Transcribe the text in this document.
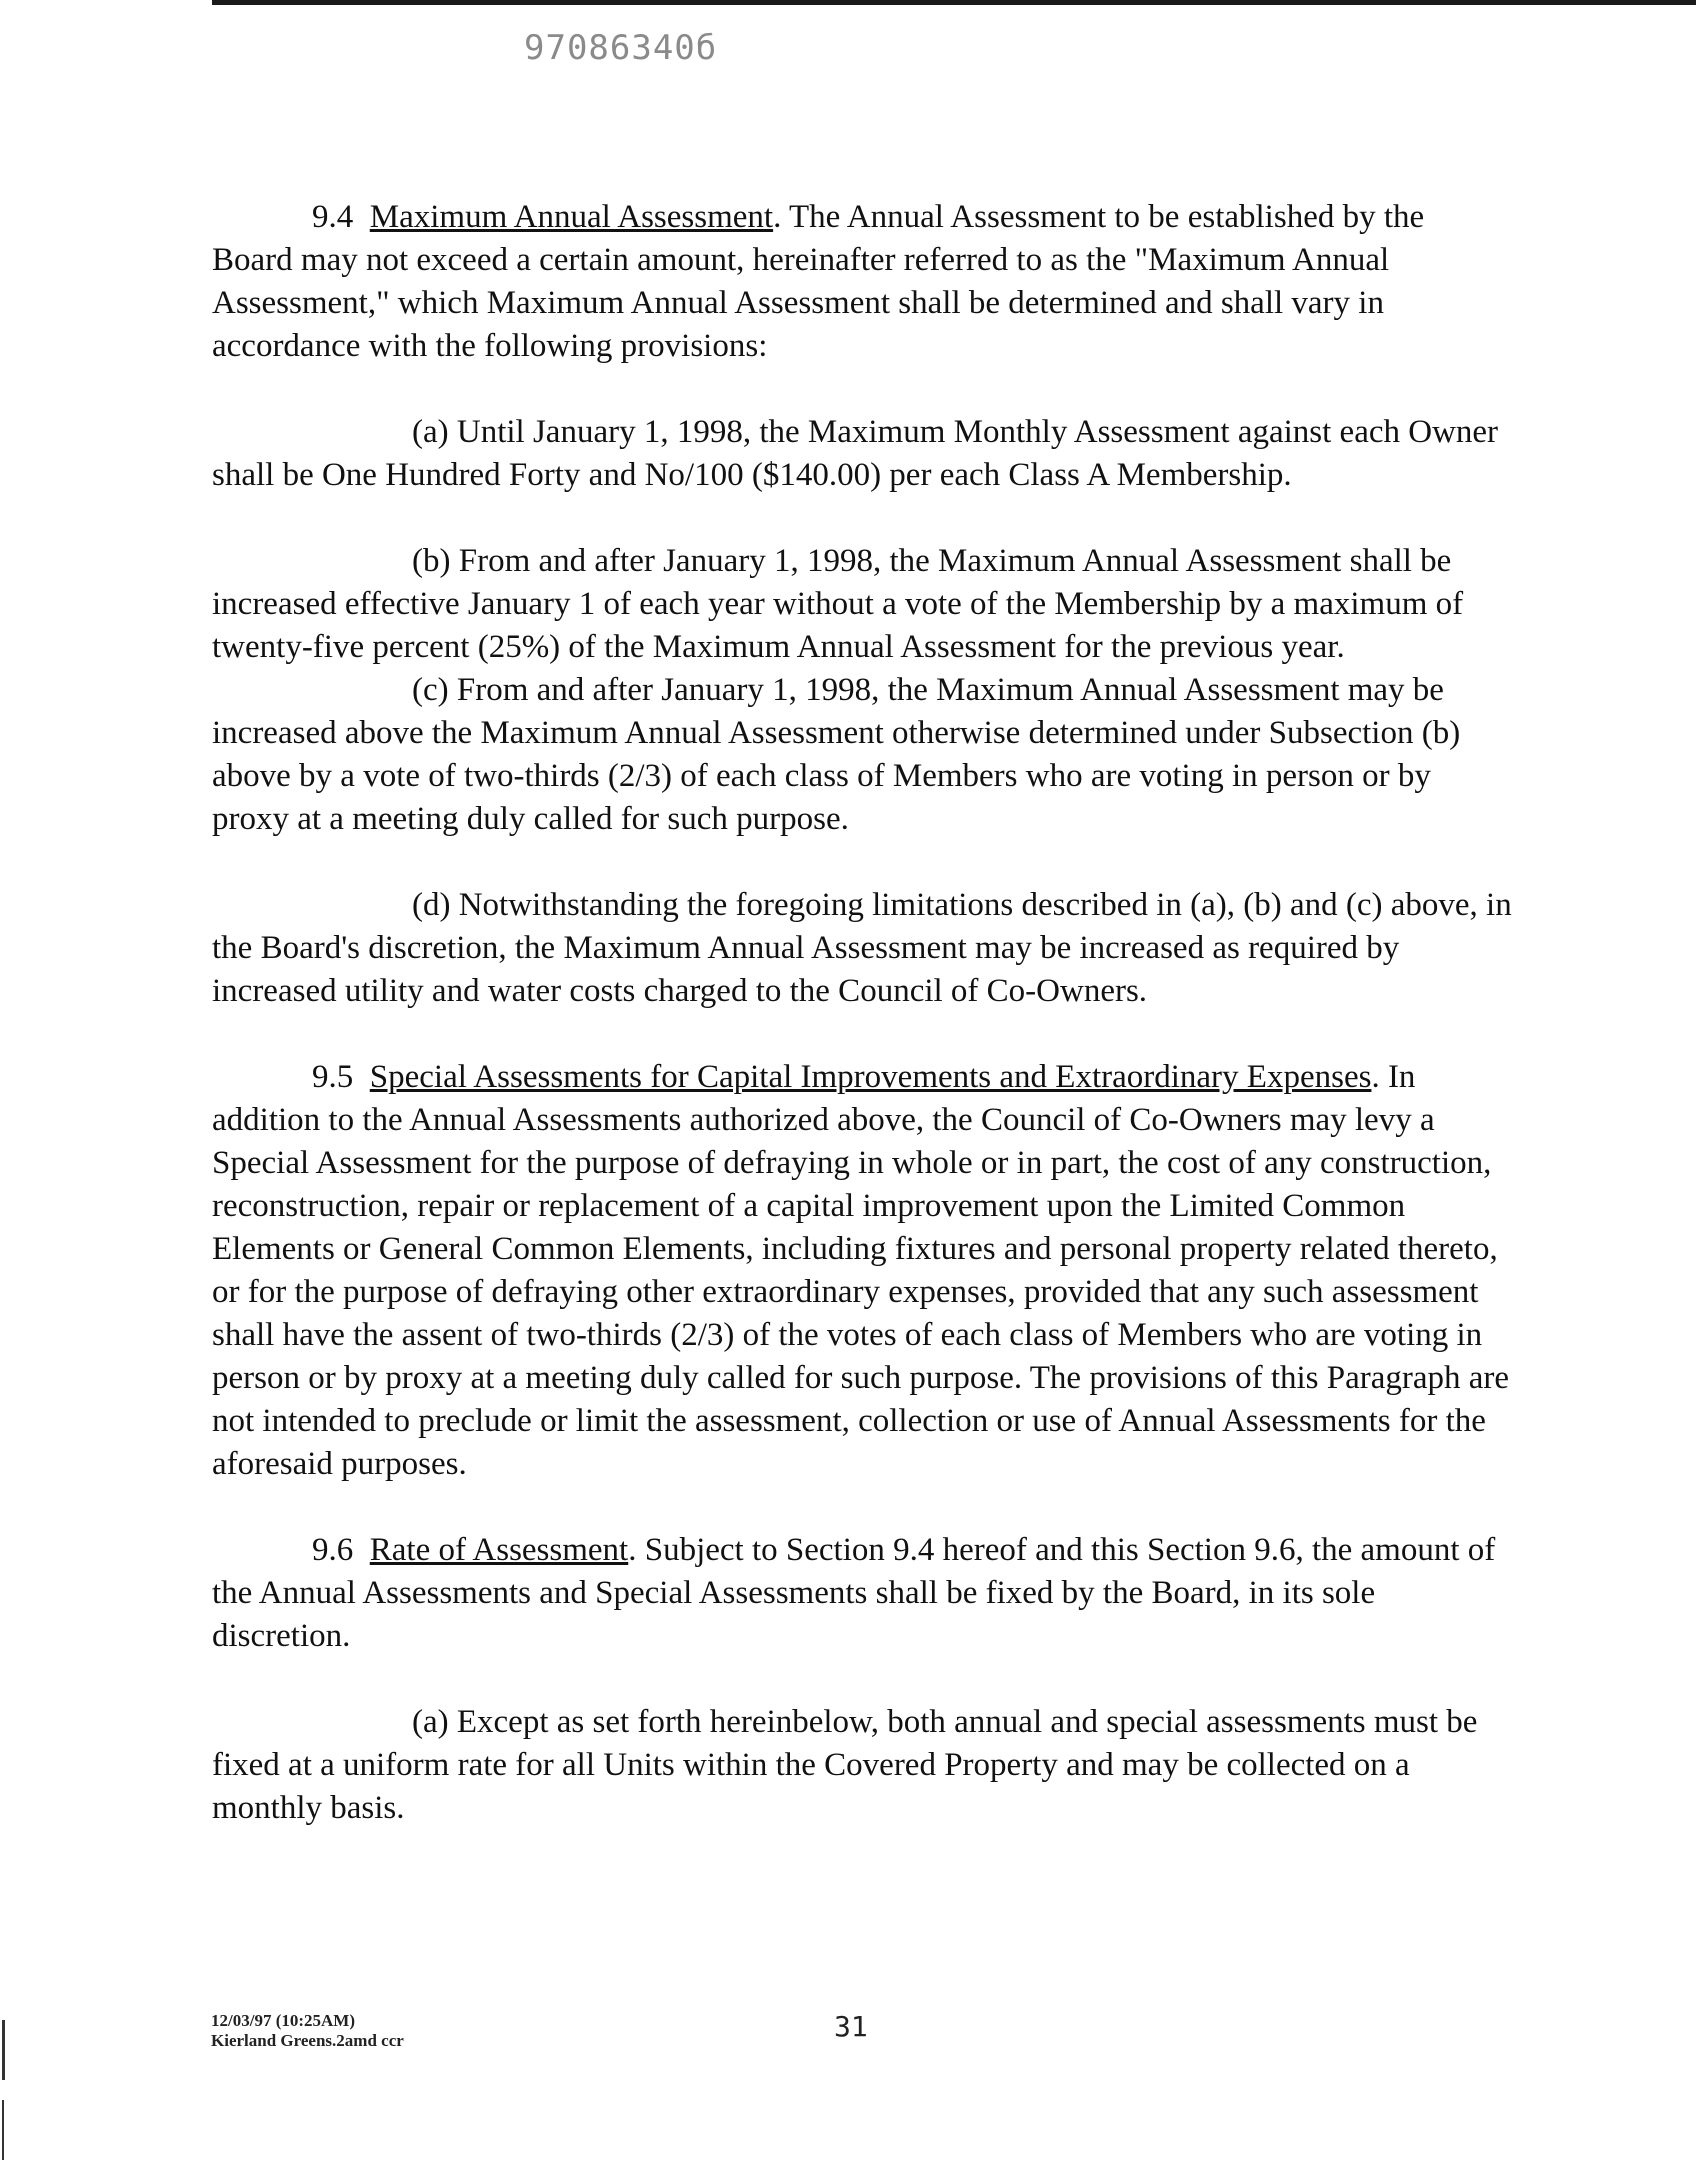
97086340б

9.4 Maximum Annual Assessment. The Annual Assessment to be established by the Board may not exceed a certain amount, hereinafter referred to as the "Maximum Annual Assessment," which Maximum Annual Assessment shall be determined and shall vary in accordance with the following provisions:

(a) Until January 1, 1998, the Maximum Monthly Assessment against each Owner shall be One Hundred Forty and No/100 ($140.00) per each Class A Membership.

(b) From and after January 1, 1998, the Maximum Annual Assessment shall be increased effective January 1 of each year without a vote of the Membership by a maximum of twenty-five percent (25%) of the Maximum Annual Assessment for the previous year.

(c) From and after January 1, 1998, the Maximum Annual Assessment may be increased above the Maximum Annual Assessment otherwise determined under Subsection (b) above by a vote of two-thirds (2/3) of each class of Members who are voting in person or by proxy at a meeting duly called for such purpose.

(d) Notwithstanding the foregoing limitations described in (a), (b) and (c) above, in the Board's discretion, the Maximum Annual Assessment may be increased as required by increased utility and water costs charged to the Council of Co-Owners.

9.5 Special Assessments for Capital Improvements and Extraordinary Expenses. In addition to the Annual Assessments authorized above, the Council of Co-Owners may levy a Special Assessment for the purpose of defraying in whole or in part, the cost of any construction, reconstruction, repair or replacement of a capital improvement upon the Limited Common Elements or General Common Elements, including fixtures and personal property related thereto, or for the purpose of defraying other extraordinary expenses, provided that any such assessment shall have the assent of two-thirds (2/3) of the votes of each class of Members who are voting in person or by proxy at a meeting duly called for such purpose. The provisions of this Paragraph are not intended to preclude or limit the assessment, collection or use of Annual Assessments for the aforesaid purposes.

9.6 Rate of Assessment. Subject to Section 9.4 hereof and this Section 9.6, the amount of the Annual Assessments and Special Assessments shall be fixed by the Board, in its sole discretion.

(a) Except as set forth hereinbelow, both annual and special assessments must be fixed at a uniform rate for all Units within the Covered Property and may be collected on a monthly basis.

12/03/97 (10:25AM)
Kierland Greens.2amd ccr	31
